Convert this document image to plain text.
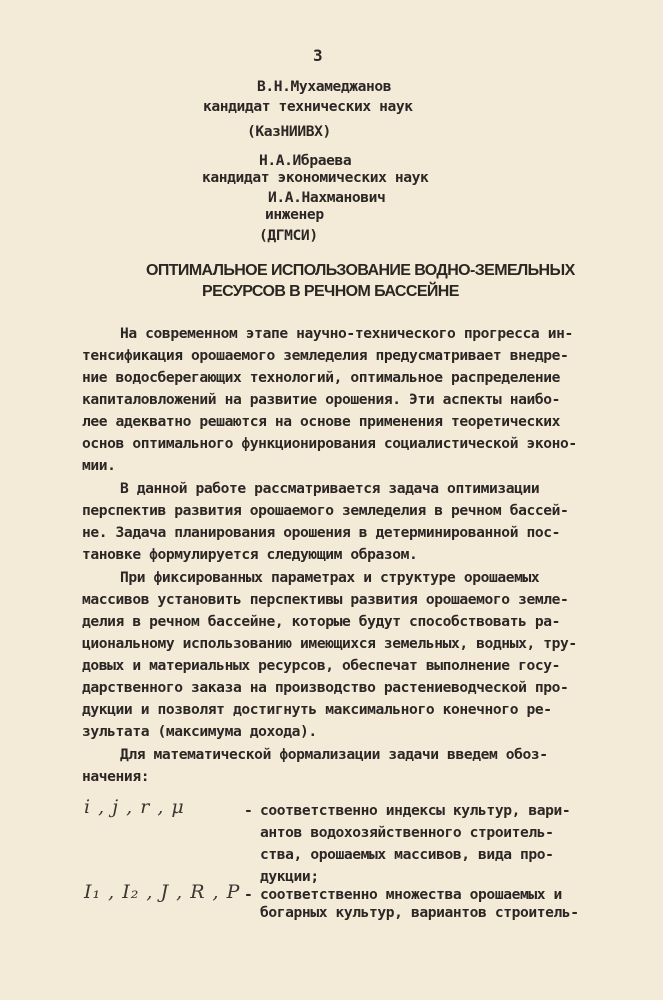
3
В.Н.Мухамеджанов
кандидат технических наук
(КазНИИВХ)
Н.А.Ибраева
кандидат экономических наук
И.А.Нахманович
инженер
(ДГМСИ)
ОПТИМАЛЬНОЕ ИСПОЛЬЗОВАНИЕ ВОДНО-ЗЕМЕЛЬНЫХ
РЕСУРСОВ В РЕЧНОМ БАССЕЙНЕ
На современном этапе научно-технического прогресса ин-
тенсификация орошаемого земледелия предусматривает внедре-
ние водосберегающих технологий, оптимальное распределение
капиталовложений на развитие орошения. Эти аспекты наибо-
лее адекватно решаются на основе применения теоретических
основ оптимального функционирования социалистической эконо-
мии.
В данной работе рассматривается задача оптимизации
перспектив развития орошаемого земледелия в речном бассей-
не. Задача планирования орошения в детерминированной пос-
тановке формулируется следующим образом.
При фиксированных параметрах и структуре орошаемых
массивов установить перспективы развития орошаемого земле-
делия в речном бассейне, которые будут способствовать ра-
циональному использованию имеющихся земельных, водных, тру-
довых и материальных ресурсов, обеспечат выполнение госу-
дарственного заказа на производство растениеводческой про-
дукции и позволят достигнуть максимального конечного ре-
зультата (максимума дохода).
Для математической формализации задачи введем обоз-
начения:
i , j , r , μ	- соответственно индексы культур, вари-
антов водохозяйственного строитель-
ства, орошаемых массивов, вида про-
дукции;
I₁ , I₂ , J , R , P - соответственно множества орошаемых и
богарных культур, вариантов строитель-
